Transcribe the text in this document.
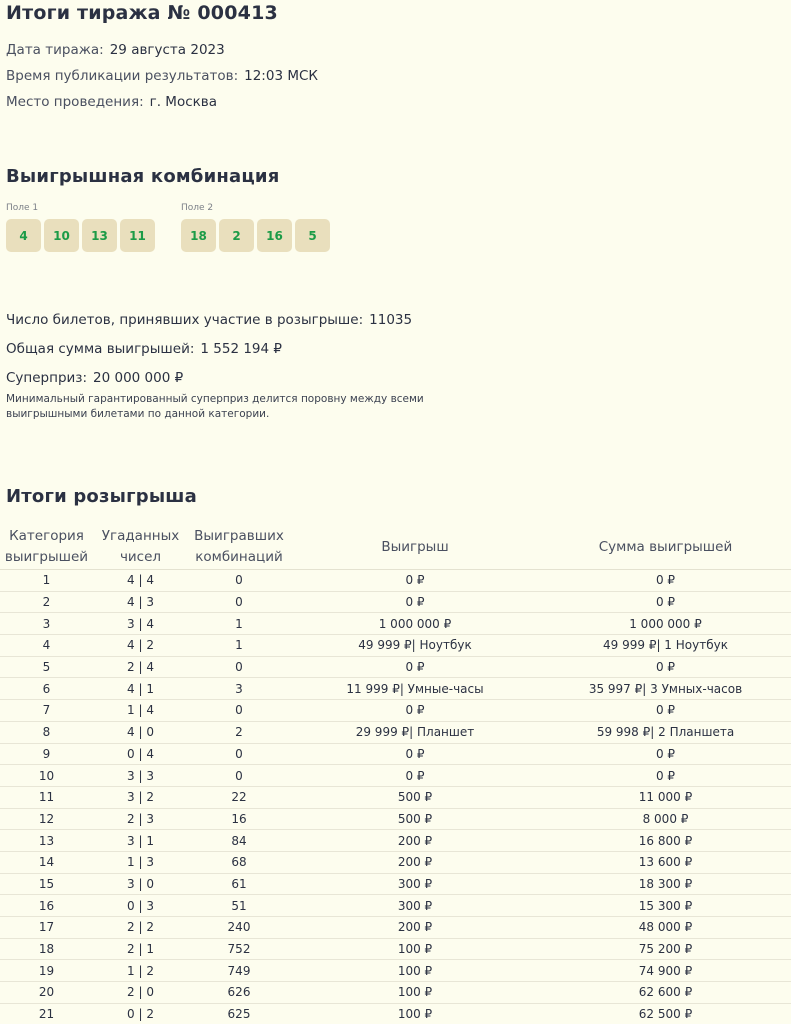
Итоги тиража № 000413

Дата тиража: 29 августа 2023

Время публикации результатов: 12:03 МСК

Место проведения: г. Москва

Выигрышная комбинация
Поле 1
4	10	13	11
Поле 2
18	2	16	5

Число билетов, принявших участие в розыгрыше: 11035

Общая сумма выигрышей: 1 552 194 ₽

Суперприз: 20 000 000 ₽

Минимальный гарантированный суперприз делится поровну между всеми выигрышными билетами по данной категории.

Итоги розыгрыша
Категория выигрышей	Угаданных чисел	Выигравших комбинаций	Выигрыш	Сумма выигрышей
1	4 | 4	0	0 ₽	0 ₽
2	4 | 3	0	0 ₽	0 ₽
3	3 | 4	1	1 000 000 ₽	1 000 000 ₽
4	4 | 2	1	49 999 ₽| Ноутбук	49 999 ₽| 1 Ноутбук
5	2 | 4	0	0 ₽	0 ₽
6	4 | 1	3	11 999 ₽| Умные-часы	35 997 ₽| 3 Умных-часов
7	1 | 4	0	0 ₽	0 ₽
8	4 | 0	2	29 999 ₽| Планшет	59 998 ₽| 2 Планшета
9	0 | 4	0	0 ₽	0 ₽
10	3 | 3	0	0 ₽	0 ₽
11	3 | 2	22	500 ₽	11 000 ₽
12	2 | 3	16	500 ₽	8 000 ₽
13	3 | 1	84	200 ₽	16 800 ₽
14	1 | 3	68	200 ₽	13 600 ₽
15	3 | 0	61	300 ₽	18 300 ₽
16	0 | 3	51	300 ₽	15 300 ₽
17	2 | 2	240	200 ₽	48 000 ₽
18	2 | 1	752	100 ₽	75 200 ₽
19	1 | 2	749	100 ₽	74 900 ₽
20	2 | 0	626	100 ₽	62 600 ₽
21	0 | 2	625	100 ₽	62 500 ₽
